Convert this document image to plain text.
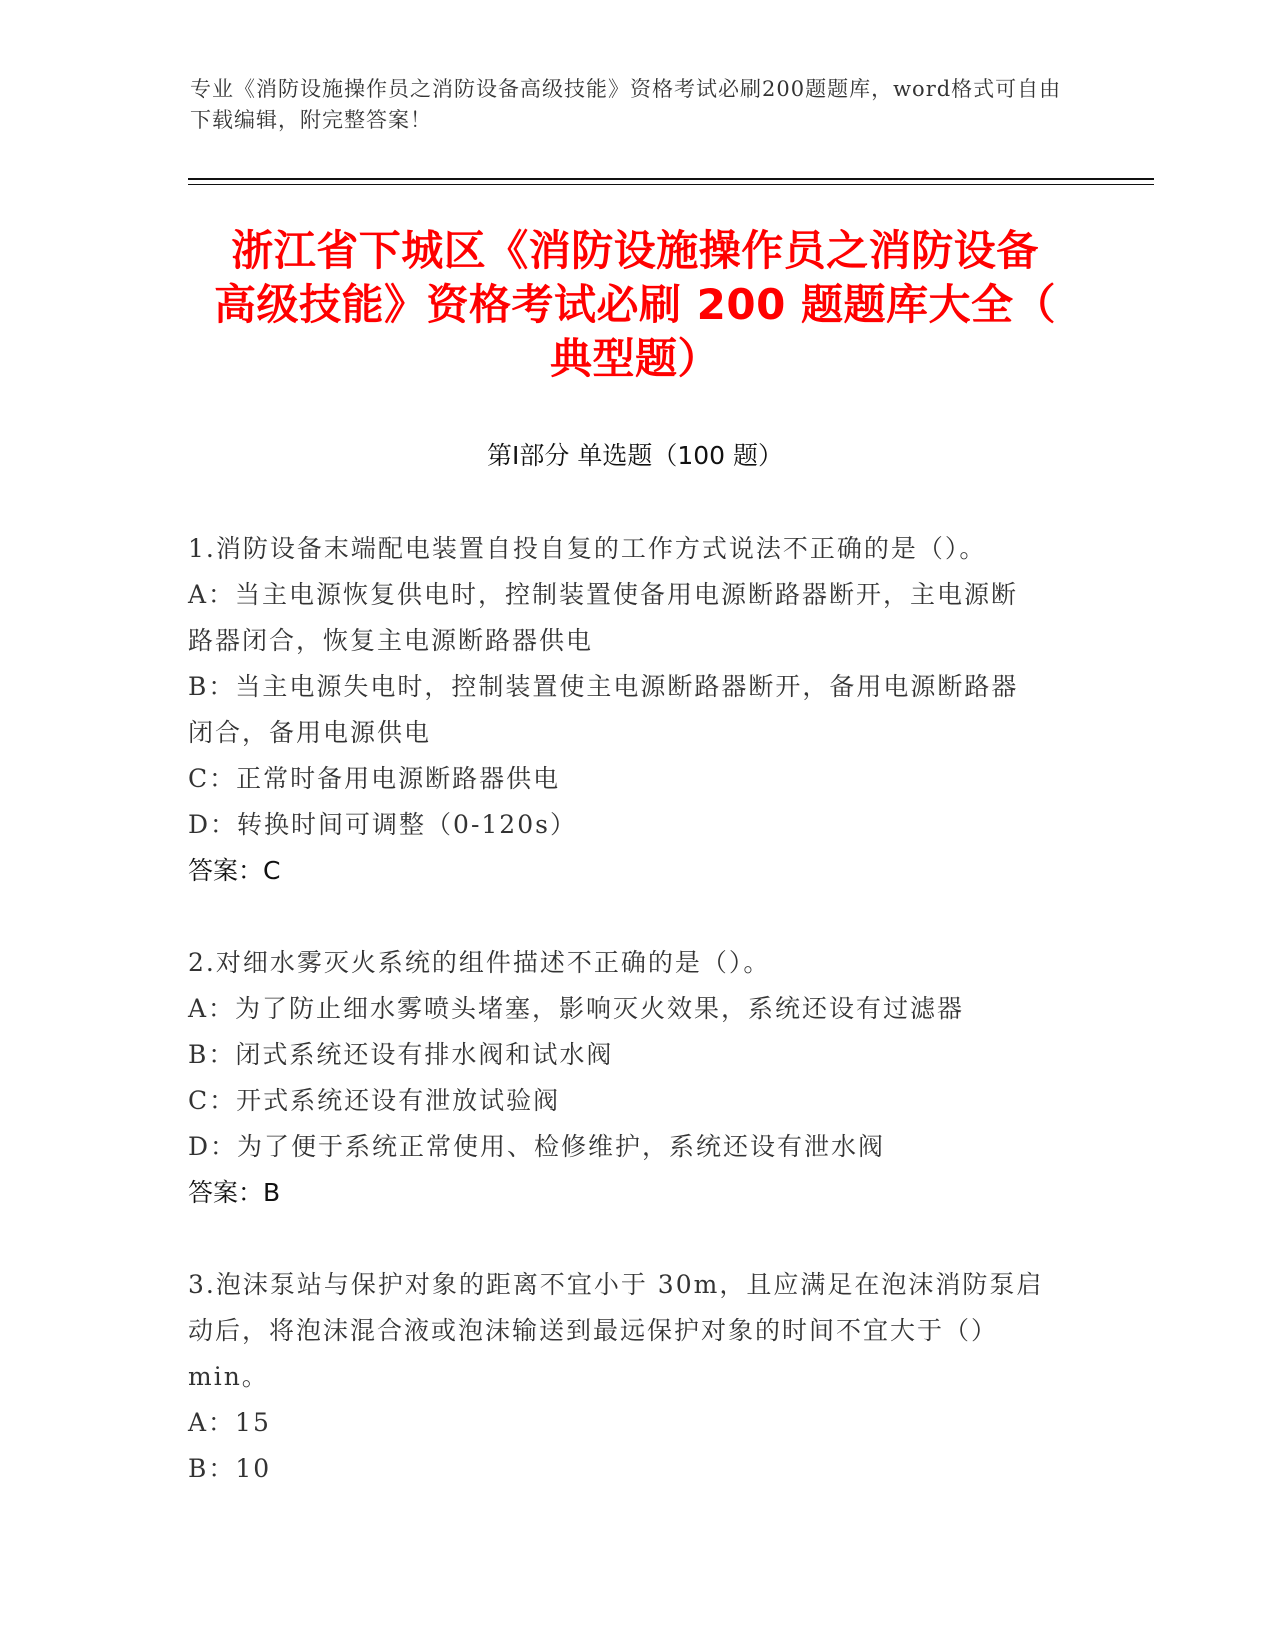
专业《消防设施操作员之消防设备高级技能》资格考试必刷200题题库，word格式可自由下载编辑，附完整答案！
浙江省下城区《消防设施操作员之消防设备
高级技能》资格考试必刷 200 题题库大全（
典型题）
第Ⅰ部分 单选题（100 题）
1.消防设备末端配电装置自投自复的工作方式说法不正确的是（）。
A：当主电源恢复供电时，控制装置使备用电源断路器断开，主电源断
路器闭合，恢复主电源断路器供电
B：当主电源失电时，控制装置使主电源断路器断开，备用电源断路器
闭合，备用电源供电
C：正常时备用电源断路器供电
D：转换时间可调整（0-120s）
答案：C
2.对细水雾灭火系统的组件描述不正确的是（）。
A：为了防止细水雾喷头堵塞，影响灭火效果，系统还设有过滤器
B：闭式系统还设有排水阀和试水阀
C：开式系统还设有泄放试验阀
D：为了便于系统正常使用、检修维护，系统还设有泄水阀
答案：B
3.泡沫泵站与保护对象的距离不宜小于 30m，且应满足在泡沫消防泵启
动后，将泡沫混合液或泡沫输送到最远保护对象的时间不宜大于（）
min。
A：15
B：10
